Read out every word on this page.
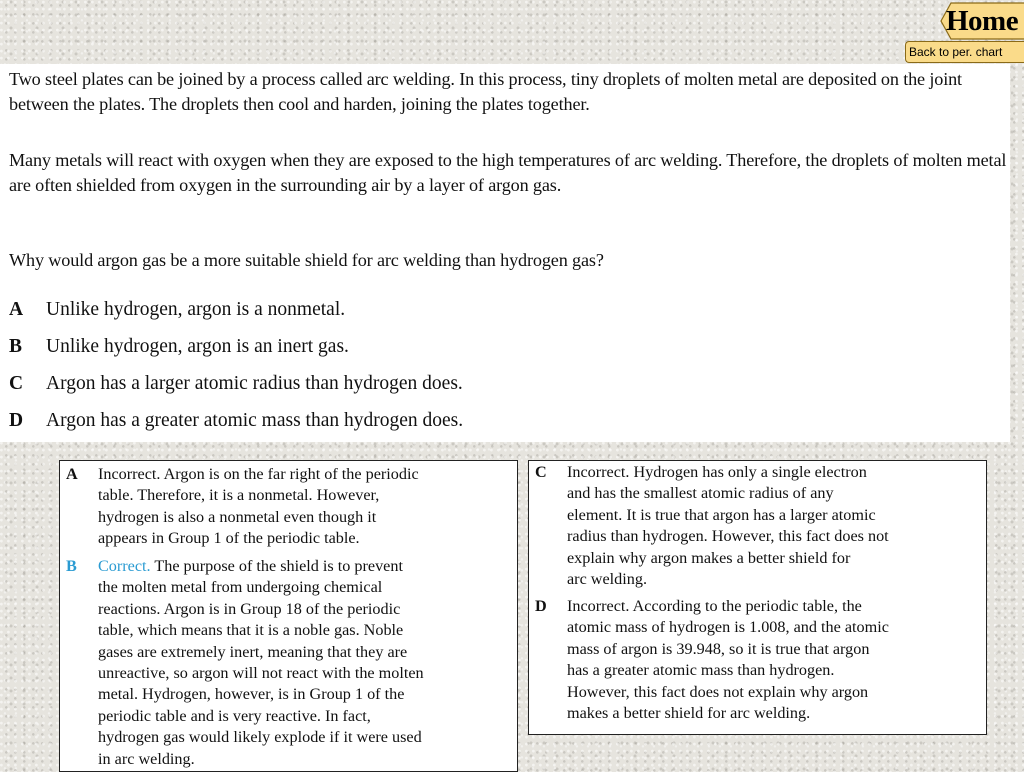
Home
Back to per. chart

Two steel plates can be joined by a process called arc welding. In this process, tiny droplets of molten metal are deposited on the joint between the plates. The droplets then cool and harden, joining the plates together.

Many metals will react with oxygen when they are exposed to the high temperatures of arc welding. Therefore, the droplets of molten metal are often shielded from oxygen in the surrounding air by a layer of argon gas.

Why would argon gas be a more suitable shield for arc welding than hydrogen gas?

A Unlike hydrogen, argon is a nonmetal.
B Unlike hydrogen, argon is an inert gas.
C Argon has a larger atomic radius than hydrogen does.
D Argon has a greater atomic mass than hydrogen does.
A Incorrect. Argon is on the far right of the periodic
table. Therefore, it is a nonmetal. However,
hydrogen is also a nonmetal even though it
appears in Group 1 of the periodic table.
B Correct. The purpose of the shield is to prevent
the molten metal from undergoing chemical
reactions. Argon is in Group 18 of the periodic
table, which means that it is a noble gas. Noble
gases are extremely inert, meaning that they are
unreactive, so argon will not react with the molten
metal. Hydrogen, however, is in Group 1 of the
periodic table and is very reactive. In fact,
hydrogen gas would likely explode if it were used
in arc welding.
C Incorrect. Hydrogen has only a single electron
and has the smallest atomic radius of any
element. It is true that argon has a larger atomic
radius than hydrogen. However, this fact does not
explain why argon makes a better shield for
arc welding.
D Incorrect. According to the periodic table, the
atomic mass of hydrogen is 1.008, and the atomic
mass of argon is 39.948, so it is true that argon
has a greater atomic mass than hydrogen.
However, this fact does not explain why argon
makes a better shield for arc welding.
